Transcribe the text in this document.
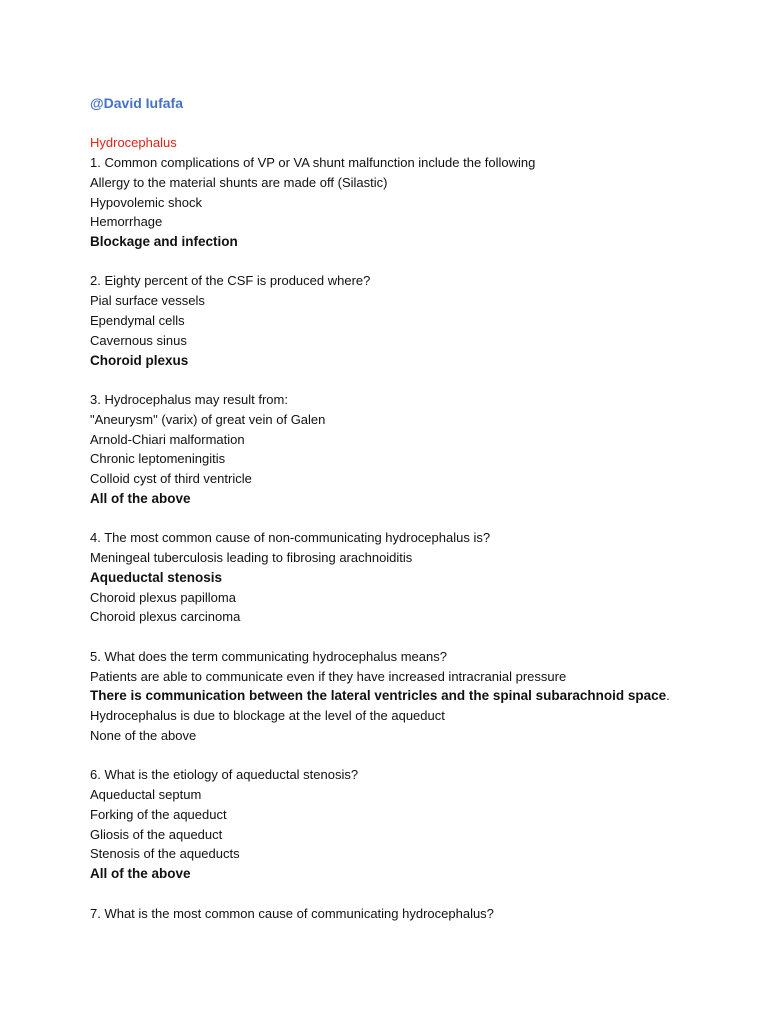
@David Iufafa
Hydrocephalus
1. Common complications of VP or VA shunt malfunction include the following
Allergy to the material shunts are made off (Silastic)
Hypovolemic shock
Hemorrhage
Blockage and infection
2. Eighty percent of the CSF is produced where?
Pial surface vessels
Ependymal cells
Cavernous sinus
Choroid plexus
3. Hydrocephalus may result from:
"Aneurysm" (varix) of great vein of Galen
Arnold-Chiari malformation
Chronic leptomeningitis
Colloid cyst of third ventricle
All of the above
4. The most common cause of non-communicating hydrocephalus is?
Meningeal tuberculosis leading to fibrosing arachnoiditis
Aqueductal stenosis
Choroid plexus papilloma
Choroid plexus carcinoma
5. What does the term communicating hydrocephalus means?
Patients are able to communicate even if they have increased intracranial pressure
There is communication between the lateral ventricles and the spinal subarachnoid space.
Hydrocephalus is due to blockage at the level of the aqueduct
None of the above
6. What is the etiology of aqueductal stenosis?
Aqueductal septum
Forking of the aqueduct
Gliosis of the aqueduct
Stenosis of the aqueducts
All of the above
7. What is the most common cause of communicating hydrocephalus?
